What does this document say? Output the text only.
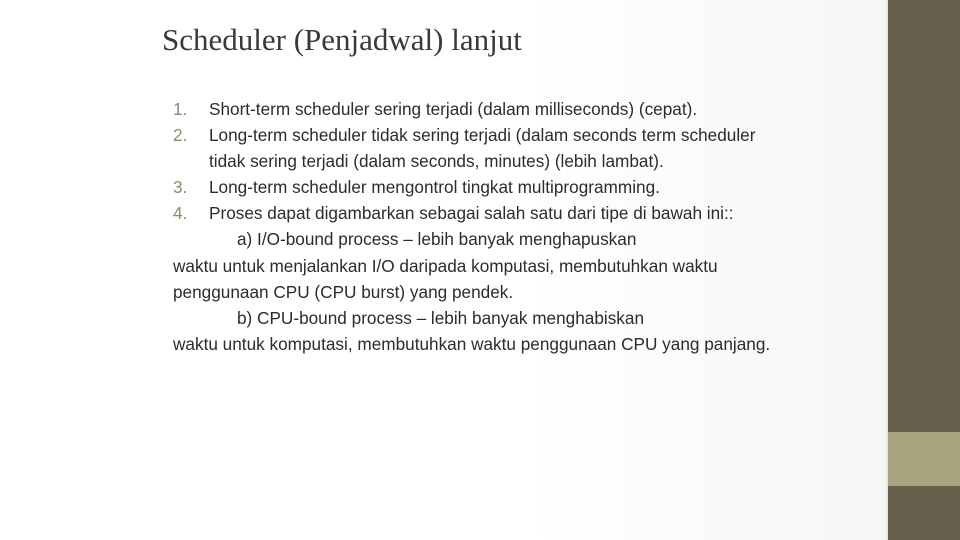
Scheduler (Penjadwal) lanjut
1. Short-term scheduler sering terjadi (dalam milliseconds) (cepat).
2. Long-term scheduler tidak sering terjadi (dalam seconds term scheduler tidak sering terjadi (dalam seconds, minutes) (lebih lambat).
3. Long-term scheduler mengontrol tingkat multiprogramming.
4. Proses dapat digambarkan sebagai salah satu dari tipe di bawah ini::
a) I/O-bound process – lebih banyak menghapuskan
waktu untuk menjalankan I/O daripada komputasi, membutuhkan waktu penggunaan CPU (CPU burst) yang pendek.
b) CPU-bound process – lebih banyak menghabiskan
waktu untuk komputasi, membutuhkan waktu penggunaan CPU yang panjang.
